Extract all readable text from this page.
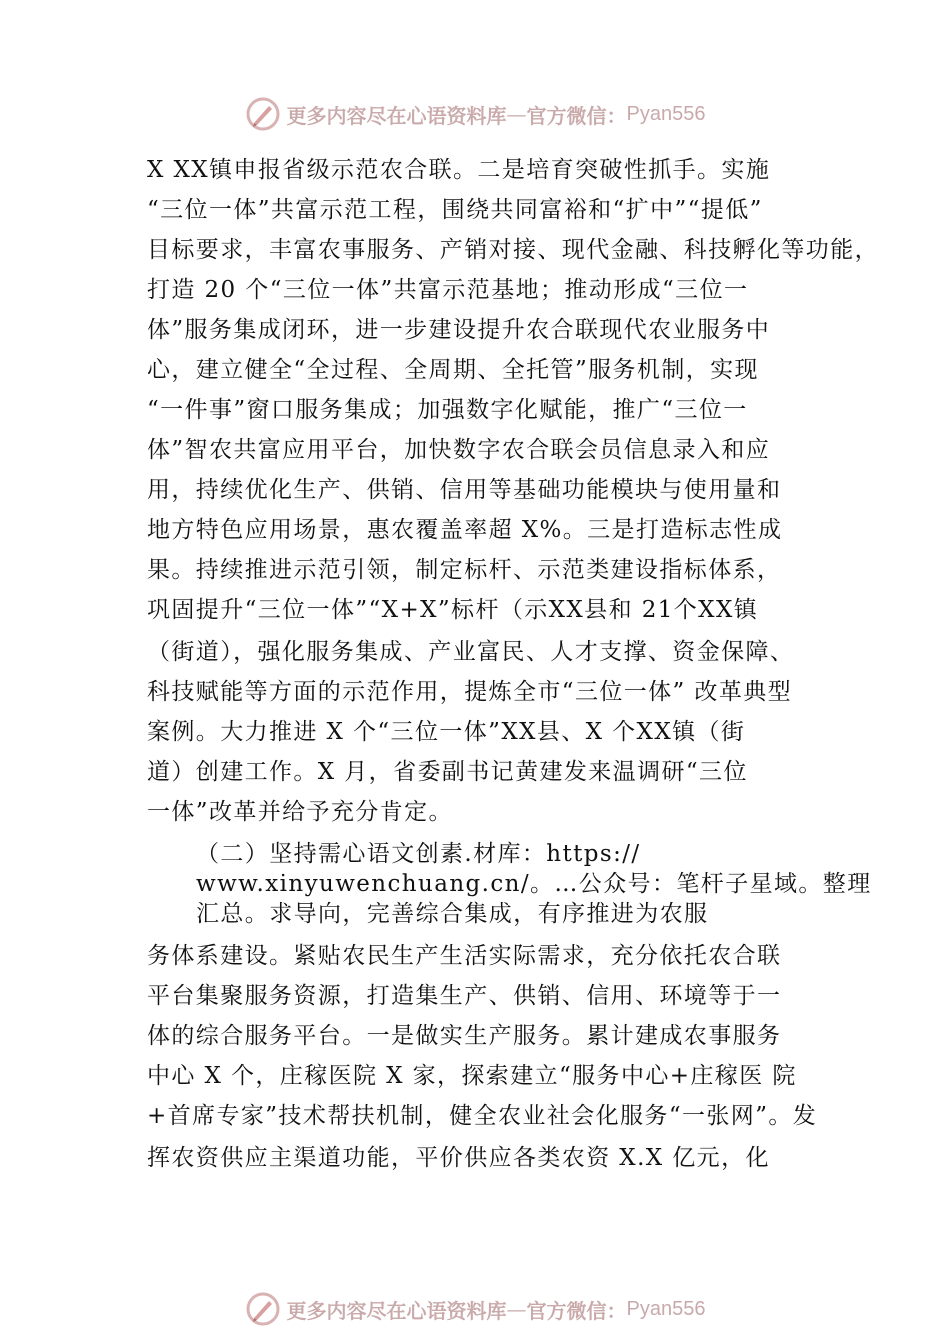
更多内容尽在心语资料库 — 官方微信： Pyan556
X XX镇申报省级示范农合联。二是培育突破性抓手。实施
“三位一体”共富示范工程，围绕共同富裕和“扩中”“提低”
目标要求，丰富农事服务、产销对接、现代金融、科技孵化等功能，
打造 20 个“三位一体”共富示范基地；推动形成“三位一
体”服务集成闭环，进一步建设提升农合联现代农业服务中
心，建立健全“全过程、全周期、全托管”服务机制，实现
“一件事”窗口服务集成；加强数字化赋能，推广“三位一
体”智农共富应用平台，加快数字农合联会员信息录入和应
用，持续优化生产、供销、信用等基础功能模块与使用量和
地方特色应用场景，惠农覆盖率超 X%。三是打造标志性成
果。持续推进示范引领，制定标杆、示范类建设指标体系，
巩固提升“三位一体”“X+X”标杆（示XX县和 21个XX镇
（街道），强化服务集成、产业富民、人才支撑、资金保障、
科技赋能等方面的示范作用，提炼全市“三位一体” 改革典型
案例。大力推进 X 个“三位一体”XX县、X 个XX镇（街
道）创建工作。X 月，省委副书记黄建发来温调研“三位
一体”改革并给予充分肯定。
（二）坚持需心语文创素.材库：https://
www.xinyuwenchuang.cn/。…公众号：笔杆子星域。整理
汇总。求导向，完善综合集成，有序推进为农服
务体系建设。紧贴农民生产生活实际需求，充分依托农合联
平台集聚服务资源，打造集生产、供销、信用、环境等于一
体的综合服务平台。一是做实生产服务。累计建成农事服务
中心 X 个，庄稼医院 X 家，探索建立“服务中心+庄稼医 院
+首席专家”技术帮扶机制，健全农业社会化服务“一张网”。发
挥农资供应主渠道功能，平价供应各类农资 X.X 亿元，化
更多内容尽在心语资料库 — 官方微信： Pyan556
